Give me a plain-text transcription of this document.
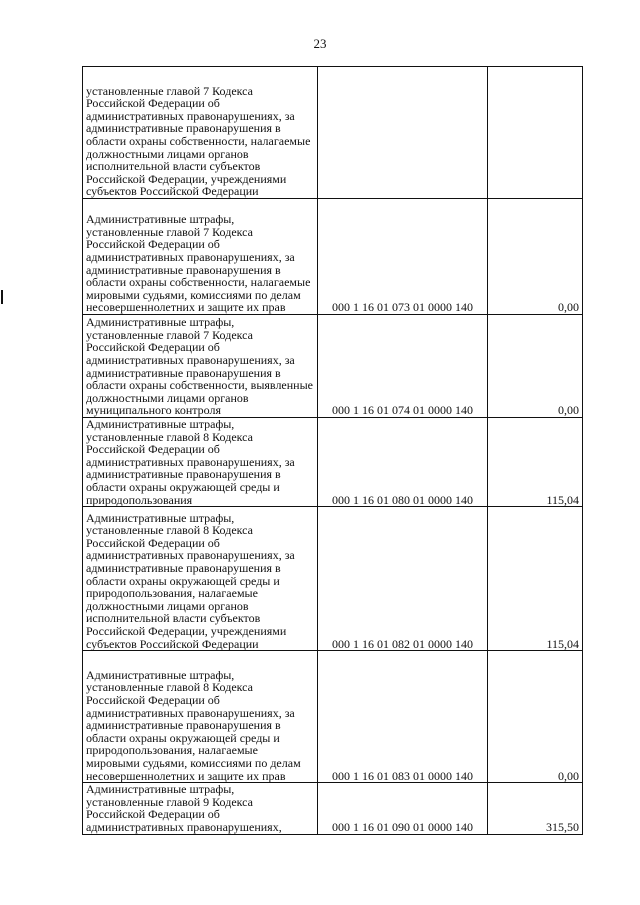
23
установленные главой 7 Кодекса Российской Федерации об административных правонарушениях, за административные правонарушения в области охраны собственности, налагаемые должностными лицами органов исполнительной власти субъектов Российской Федерации, учреждениями субъектов Российской Федерации		
Административные штрафы, установленные главой 7 Кодекса Российской Федерации об административных правонарушениях, за административные правонарушения в области охраны собственности, налагаемые мировыми судьями, комиссиями по делам несовершеннолетних и защите их прав	000 1 16 01 073 01 0000 140	0,00
Административные штрафы, установленные главой 7 Кодекса Российской Федерации об административных правонарушениях, за административные правонарушения в области охраны собственности, выявленные должностными лицами органов муниципального контроля	000 1 16 01 074 01 0000 140	0,00
Административные штрафы, установленные главой 8 Кодекса Российской Федерации об административных правонарушениях, за административные правонарушения в области охраны окружающей среды и природопользования	000 1 16 01 080 01 0000 140	115,04
Административные штрафы, установленные главой 8 Кодекса Российской Федерации об административных правонарушениях, за административные правонарушения в области охраны окружающей среды и природопользования, налагаемые должностными лицами органов исполнительной власти субъектов Российской Федерации, учреждениями субъектов Российской Федерации	000 1 16 01 082 01 0000 140	115,04
Административные штрафы, установленные главой 8 Кодекса Российской Федерации об административных правонарушениях, за административные правонарушения в области охраны окружающей среды и природопользования, налагаемые мировыми судьями, комиссиями по делам несовершеннолетних и защите их прав	000 1 16 01 083 01 0000 140	0,00
Административные штрафы, установленные главой 9 Кодекса Российской Федерации об административных правонарушениях,	000 1 16 01 090 01 0000 140	315,50
